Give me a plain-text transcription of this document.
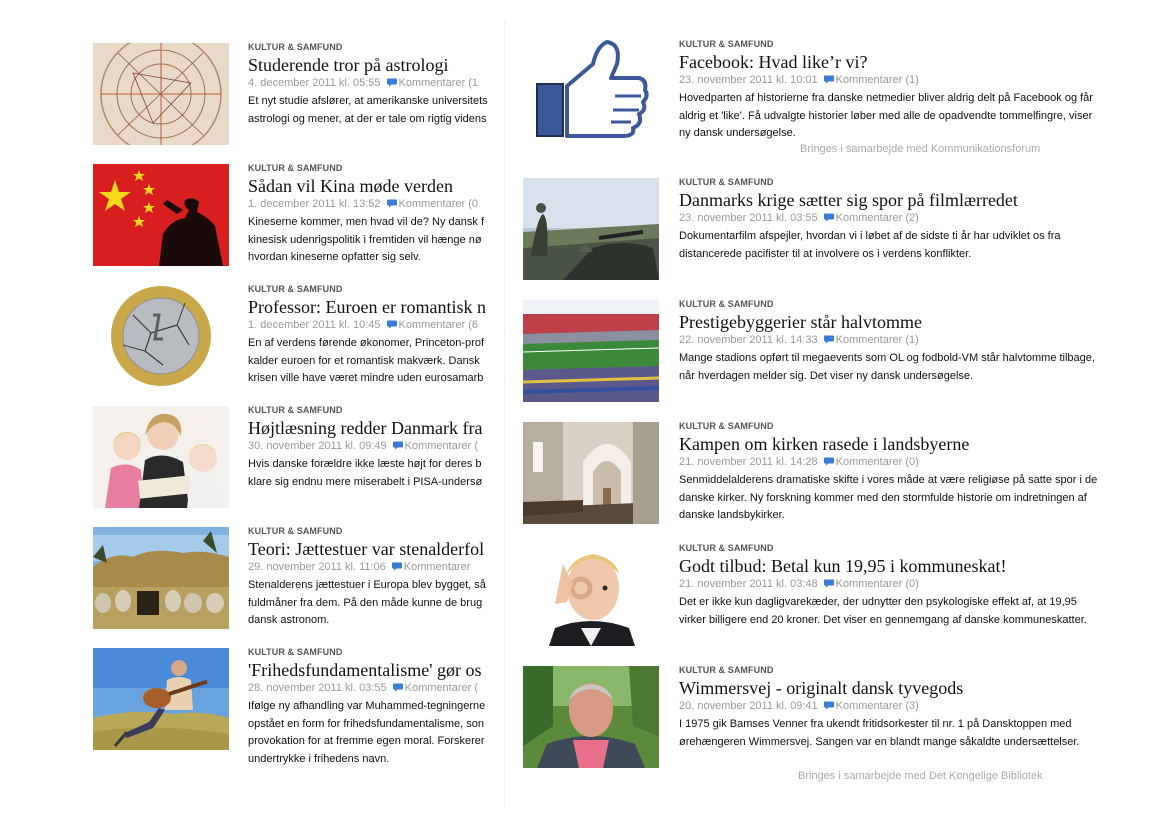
KULTUR & SAMFUND
Studerende tror på astrologi
4. december 2011 kl. 05:55 Kommentarer (1
Et nyt studie afslører, at amerikanske universitets
astrologi og mener, at der er tale om rigtig videns
KULTUR & SAMFUND
Sådan vil Kina møde verden
1. december 2011 kl. 13:52 Kommentarer (0
Kineserne kommer, men hvad vil de? Ny dansk f
kinesisk udenrigspolitik i fremtiden vil hænge nø
hvordan kineserne opfatter sig selv.
KULTUR & SAMFUND
Professor: Euroen er romantisk n
1. december 2011 kl. 10:45 Kommentarer (6
En af verdens førende økonomer, Princeton-prof
kalder euroen for et romantisk makværk. Dansk
krisen ville have været mindre uden eurosamarb
KULTUR & SAMFUND
Højtlæsning redder Danmark fra
30. november 2011 kl. 09:49 Kommentarer (
Hvis danske forældre ikke læste højt for deres b
klare sig endnu mere miserabelt i PISA-undersø
KULTUR & SAMFUND
Teori: Jættestuer var stenalderfol
29. november 2011 kl. 11:06 Kommentarer
Stenalderens jættestuer i Europa blev bygget, så
fuldmåner fra dem. På den måde kunne de brug
dansk astronom.
KULTUR & SAMFUND
'Frihedsfundamentalisme' gør os
28. november 2011 kl. 03:55 Kommentarer (
Ifølge ny afhandling var Muhammed-tegningerne
opstået en form for frihedsfundamentalisme, son
provokation for at fremme egen moral. Forskerer
undertrykke i frihedens navn.
KULTUR & SAMFUND
Facebook: Hvad like’r vi?
23. november 2011 kl. 10:01 Kommentarer (1)
Hovedparten af historierne fra danske netmedier bliver aldrig delt på Facebook og får aldrig et 'like'. Få udvalgte historier løber med alle de opadvendte tommelfingre, viser ny dansk undersøgelse.
Bringes i samarbejde med Kommunikationsforum
KULTUR & SAMFUND
Danmarks krige sætter sig spor på filmlærredet
23. november 2011 kl. 03:55 Kommentarer (2)
Dokumentarfilm afspejler, hvordan vi i løbet af de sidste ti år har udviklet os fra distancerede pacifister til at involvere os i verdens konflikter.
KULTUR & SAMFUND
Prestigebyggerier står halvtomme
22. november 2011 kl. 14:33 Kommentarer (1)
Mange stadions opført til megaevents som OL og fodbold-VM står halvtomme tilbage, når hverdagen melder sig. Det viser ny dansk undersøgelse.
KULTUR & SAMFUND
Kampen om kirken rasede i landsbyerne
21. november 2011 kl. 14:28 Kommentarer (0)
Senmiddelalderens dramatiske skifte i vores måde at være religiøse på satte spor i de danske kirker. Ny forskning kommer med den stormfulde historie om indretningen af danske landsbykirker.
KULTUR & SAMFUND
Godt tilbud: Betal kun 19,95 i kommuneskat!
21. november 2011 kl. 03:48 Kommentarer (0)
Det er ikke kun dagligvarekæder, der udnytter den psykologiske effekt af, at 19,95 virker billigere end 20 kroner. Det viser en gennemgang af danske kommuneskatter.
KULTUR & SAMFUND
Wimmersvej - originalt dansk tyvegods
20. november 2011 kl. 09:41 Kommentarer (3)
I 1975 gik Bamses Venner fra ukendt fritidsorkester til nr. 1 på Dansktoppen med ørehængeren Wimmersvej. Sangen var en blandt mange såkaldte undersættelser.
Bringes i samarbejde med Det Kongelige Bibliotek
